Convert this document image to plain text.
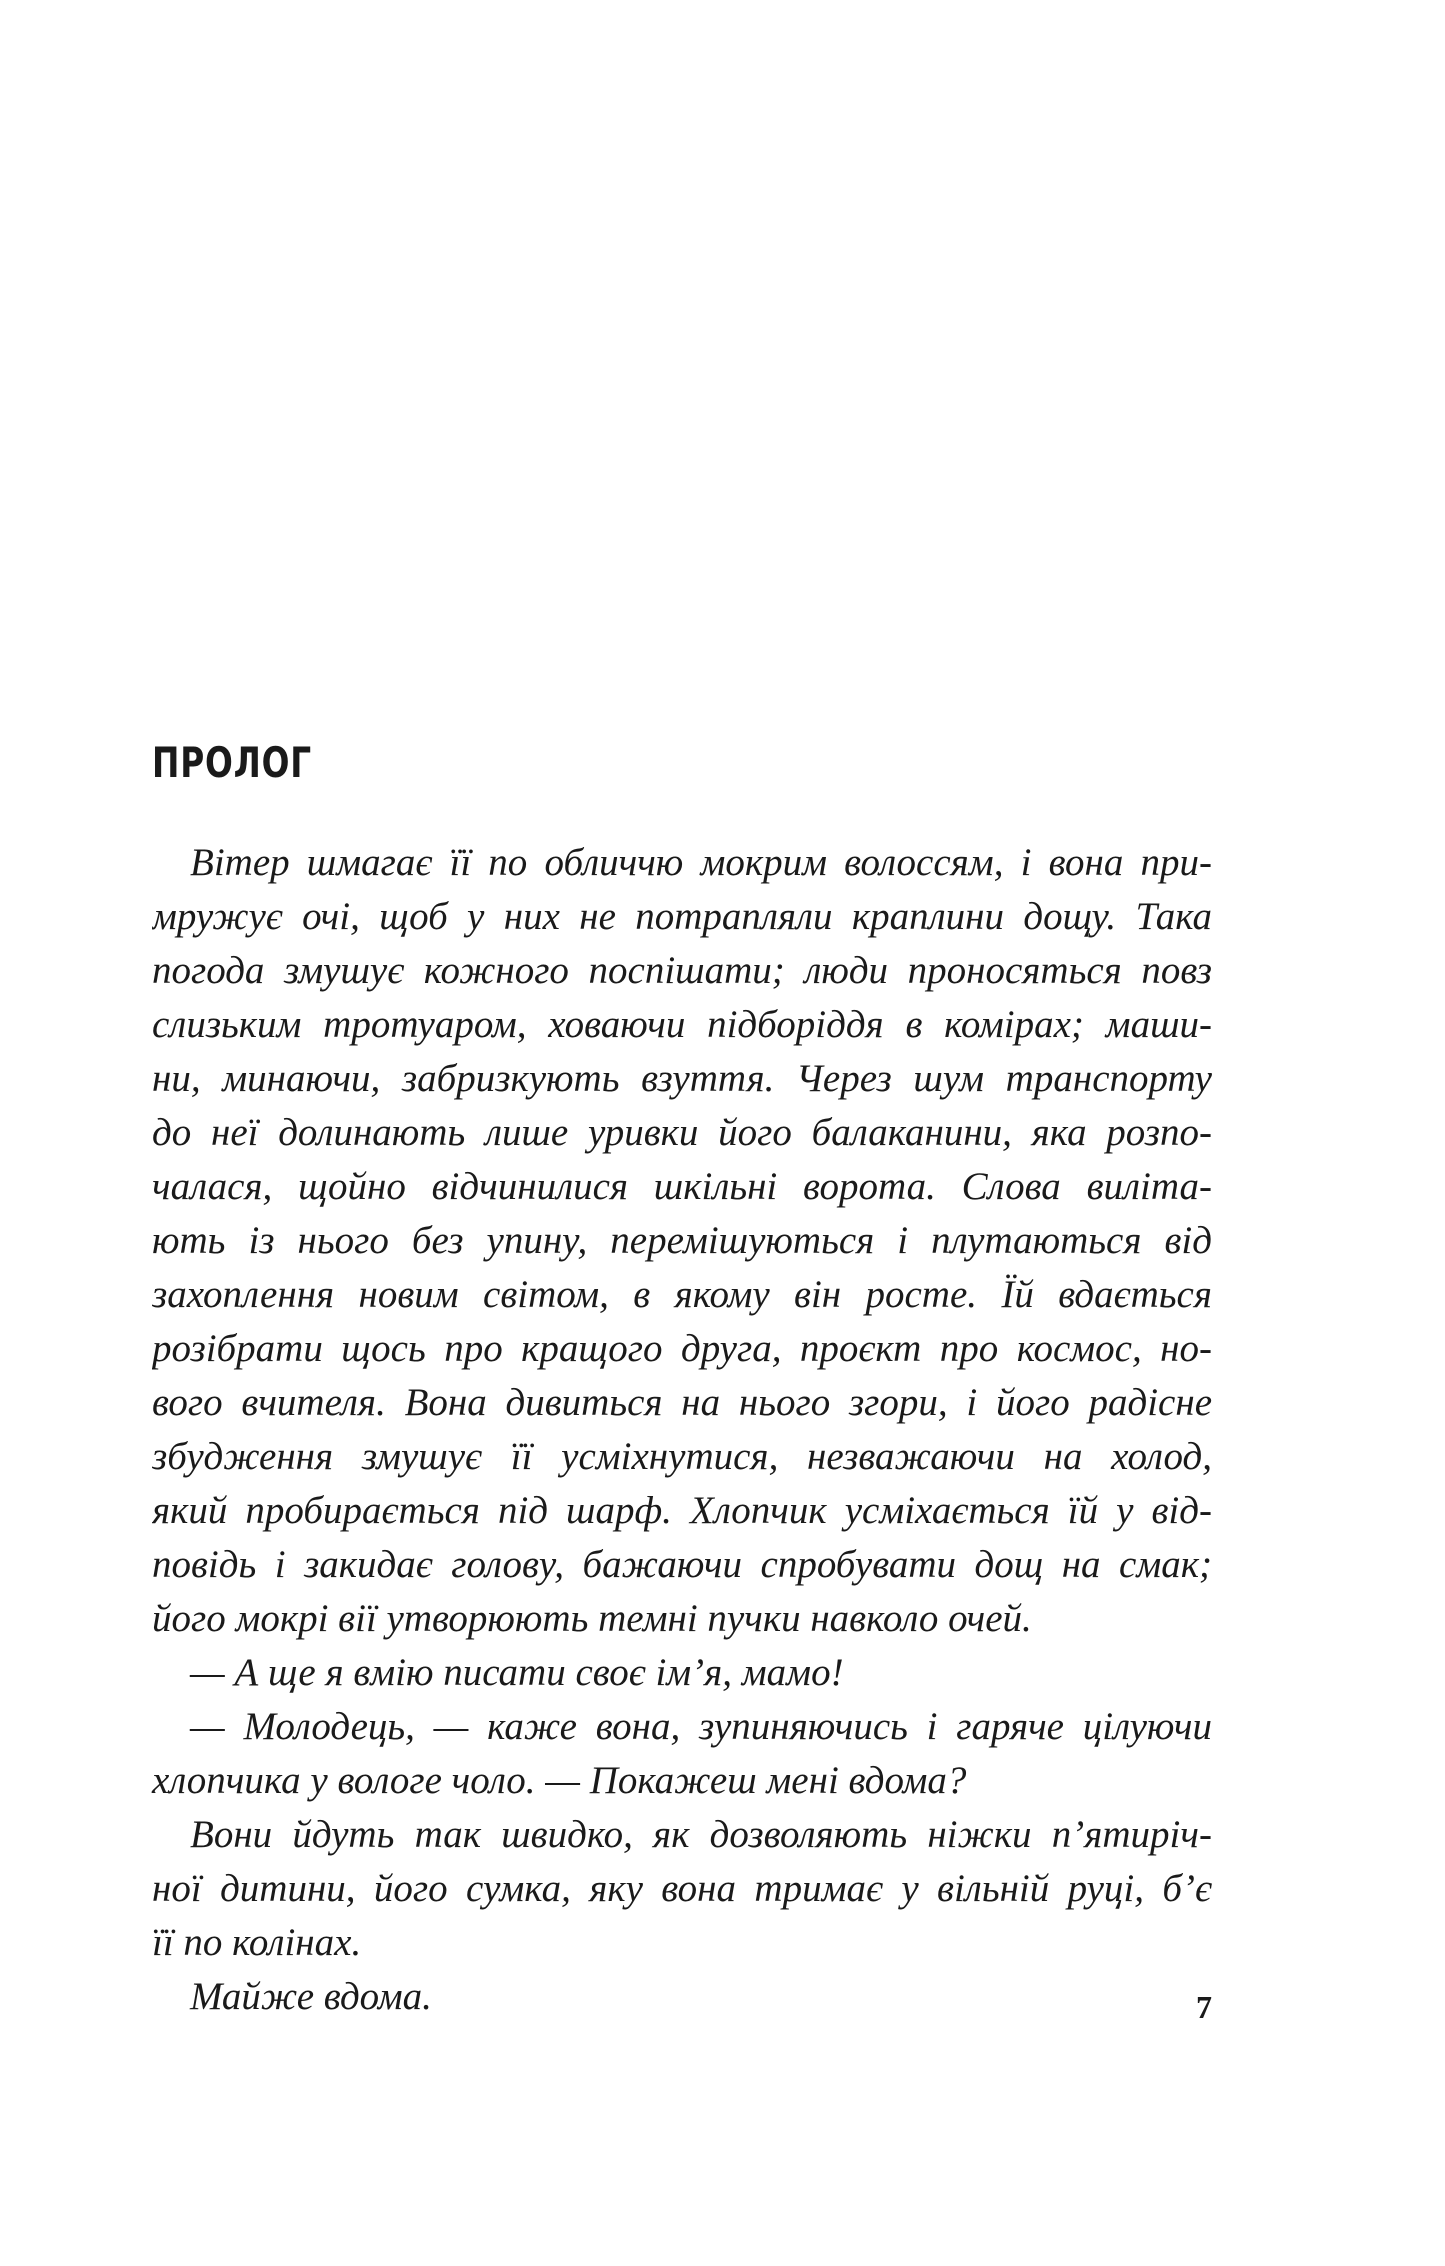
ПРОЛОГ
Вітер шмагає її по обличчю мокрим волоссям, і вона при-
мружує очі, щоб у них не потрапляли краплини дощу. Така
погода змушує кожного поспішати; люди проносяться повз
слизьким тротуаром, ховаючи підборіддя в комірах; маши-
ни, минаючи, забризкують взуття. Через шум транспорту
до неї долинають лише уривки його балаканини, яка розпо-
чалася, щойно відчинилися шкільні ворота. Слова виліта-
ють із нього без упину, перемішуються і плутаються від
захоплення новим світом, в якому він росте. Їй вдається
розібрати щось про кращого друга, проєкт про космос, но-
вого вчителя. Вона дивиться на нього згори, і його радісне
збудження змушує її усміхнутися, незважаючи на холод,
який пробирається під шарф. Хлопчик усміхається їй у від-
повідь і закидає голову, бажаючи спробувати дощ на смак;
його мокрі вії утворюють темні пучки навколо очей.
— А ще я вмію писати своє ім’я, мамо!
— Молодець, — каже вона, зупиняючись і гаряче цілуючи
хлопчика у вологе чоло. — Покажеш мені вдома?
Вони йдуть так швидко, як дозволяють ніжки п’ятиріч-
ної дитини, його сумка, яку вона тримає у вільній руці, б’є
її по колінах.
Майже вдома.	7
